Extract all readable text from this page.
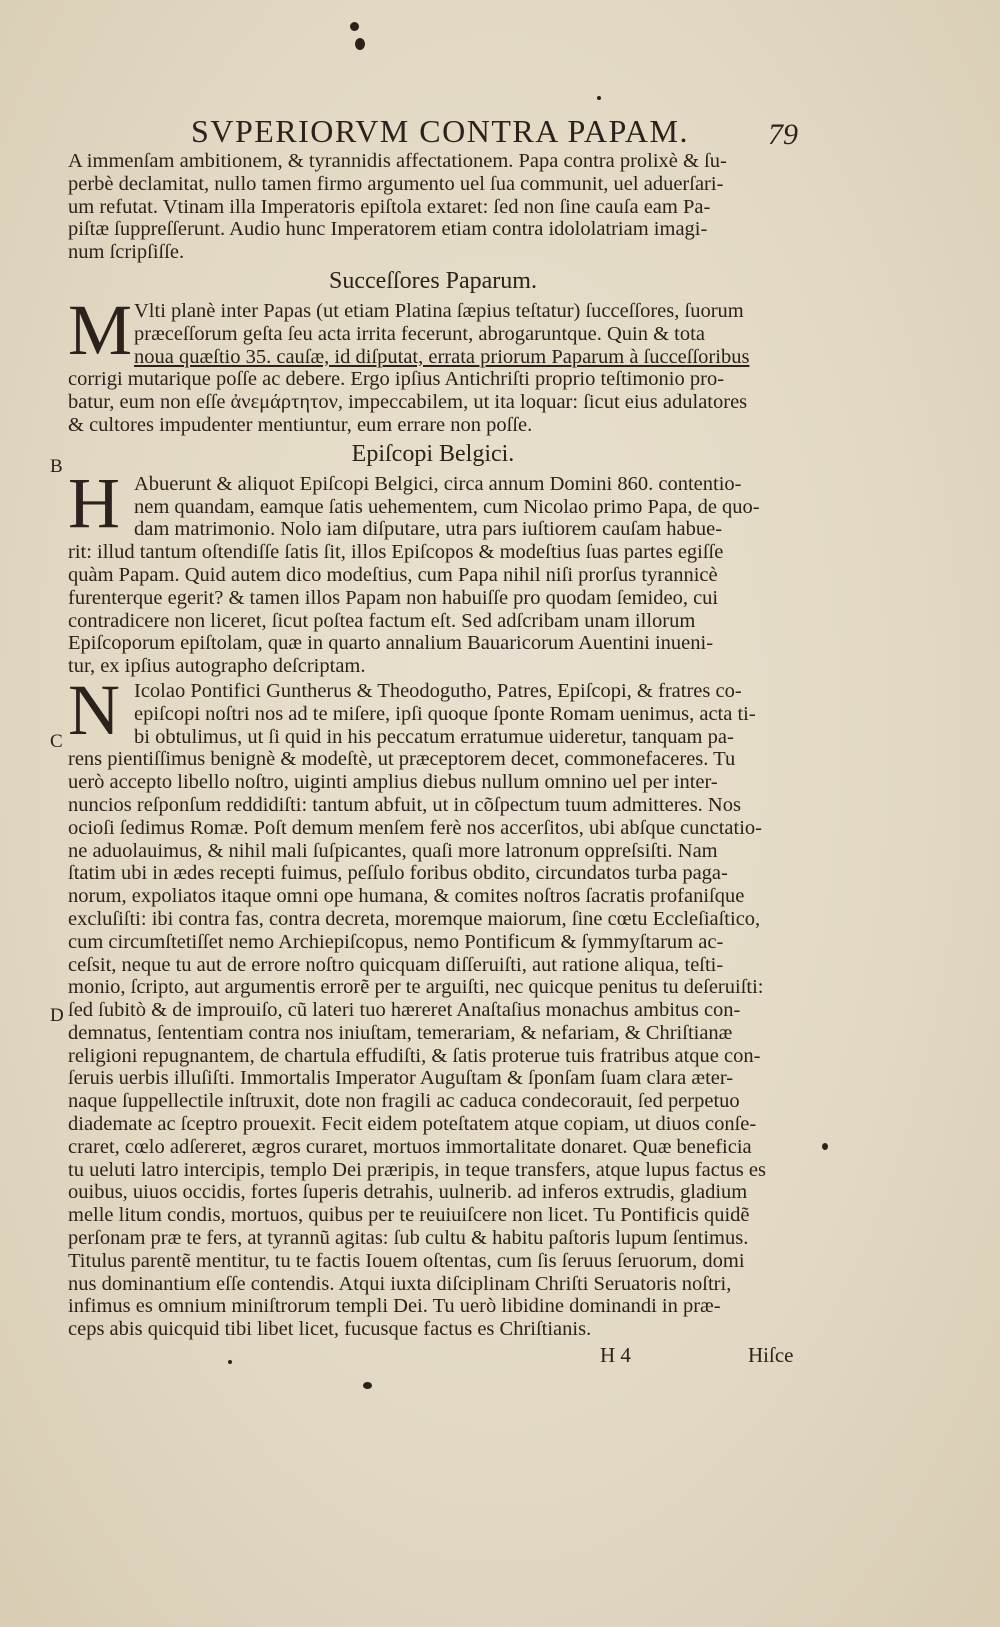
SVPERIORVM CONTRA PAPAM.	79
B
C
D

A immenſam ambitionem, & tyrannidis affectationem. Papa contra prolixè & ſu-

perbè declamitat, nullo tamen firmo argumento uel ſua communit, uel aduerſari-

um refutat. Vtinam illa Imperatoris epiſtola extaret: ſed non ſine cauſa eam Pa-

piſtæ ſuppreſſerunt. Audio hunc Imperatorem etiam contra idololatriam imagi-

num ſcripſiſſe.

Succeſſores Paparum.
M Vlti planè inter Papas (ut etiam Platina ſæpius teſtatur) ſucceſſores, ſuorum

præceſſorum geſta ſeu acta irrita fecerunt, abrogaruntque. Quin & tota

noua quæſtio 35. cauſæ, id diſputat, errata priorum Paparum à ſucceſſoribus

corrigi mutarique poſſe ac debere. Ergo ipſius Antichriſti proprio teſtimonio pro-

batur, eum non eſſe ἀνεμάρτητον, impeccabilem, ut ita loquar: ſicut eius adulatores

& cultores impudenter mentiuntur, eum errare non poſſe.

Epiſcopi Belgici.
H Abuerunt & aliquot Epiſcopi Belgici, circa annum Domini 860. contentio-

nem quandam, eamque ſatis uehementem, cum Nicolao primo Papa, de quo-

dam matrimonio. Nolo iam diſputare, utra pars iuſtiorem cauſam habue-

rit: illud tantum oſtendiſſe ſatis ſit, illos Epiſcopos & modeſtius ſuas partes egiſſe

quàm Papam. Quid autem dico modeſtius, cum Papa nihil niſi prorſus tyrannicè

furenterque egerit? & tamen illos Papam non habuiſſe pro quodam ſemideo, cui

contradicere non liceret, ſicut poſtea factum eſt. Sed adſcribam unam illorum

Epiſcoporum epiſtolam, quæ in quarto annalium Bauaricorum Auentini inueni-

tur, ex ipſius autographo deſcriptam.

N Icolao Pontifici Guntherus & Theodogutho, Patres, Epiſcopi, & fratres co-

epiſcopi noſtri nos ad te miſere, ipſi quoque ſponte Romam uenimus, acta ti-

bi obtulimus, ut ſi quid in his peccatum erratumue uideretur, tanquam pa-

rens pientiſſimus benignè & modeſtè, ut præceptorem decet, commonefaceres. Tu

uerò accepto libello noſtro, uiginti amplius diebus nullum omnino uel per inter-

nuncios reſponſum reddidiſti: tantum abfuit, ut in cõſpectum tuum admitteres. Nos

ocioſi ſedimus Romæ. Poſt demum menſem ferè nos accerſitos, ubi abſque cunctatio-

ne aduolauimus, & nihil mali ſuſpicantes, quaſi more latronum oppreſsiſti. Nam

ſtatim ubi in ædes recepti fuimus, peſſulo foribus obdito, circundatos turba paga-

norum, expoliatos itaque omni ope humana, & comites noſtros ſacratis profaniſque

excluſiſti: ibi contra fas, contra decreta, moremque maiorum, ſine cœtu Eccleſiaſtico,

cum circumſtetiſſet nemo Archiepiſcopus, nemo Pontificum & ſymmyſtarum ac-

ceſsit, neque tu aut de errore noſtro quicquam diſſeruiſti, aut ratione aliqua, teſti-

monio, ſcripto, aut argumentis errorẽ per te arguiſti, nec quicque penitus tu deſeruiſti:

ſed ſubitò & de improuiſo, cũ lateri tuo hæreret Anaſtaſius monachus ambitus con-

demnatus, ſententiam contra nos iniuſtam, temerariam, & nefariam, & Chriſtianæ

religioni repugnantem, de chartula effudiſti, & ſatis proterue tuis fratribus atque con-

ſeruis uerbis illuſiſti. Immortalis Imperator Auguſtam & ſponſam ſuam clara æter-

naque ſuppellectile inſtruxit, dote non fragili ac caduca condecorauit, ſed perpetuo

diademate ac ſceptro prouexit. Fecit eidem poteſtatem atque copiam, ut diuos conſe-

craret, cœlo adſereret, ægros curaret, mortuos immortalitate donaret. Quæ beneficia

tu ueluti latro intercipis, templo Dei præripis, in teque transfers, atque lupus factus es

ouibus, uiuos occidis, fortes ſuperis detrahis, uulnerib. ad inferos extrudis, gladium

melle litum condis, mortuos, quibus per te reuiuiſcere non licet. Tu Pontificis quidẽ

perſonam præ te fers, at tyrannũ agitas: ſub cultu & habitu paſtoris lupum ſentimus.

Titulus parentẽ mentitur, tu te factis Iouem oſtentas, cum ſis ſeruus ſeruorum, domi

nus dominantium eſſe contendis. Atqui iuxta diſciplinam Chriſti Seruatoris noſtri,

infimus es omnium miniſtrorum templi Dei. Tu uerò libidine dominandi in præ-

ceps abis quicquid tibi libet licet, fucusque factus es Chriſtianis.

H 4	Hiſce
